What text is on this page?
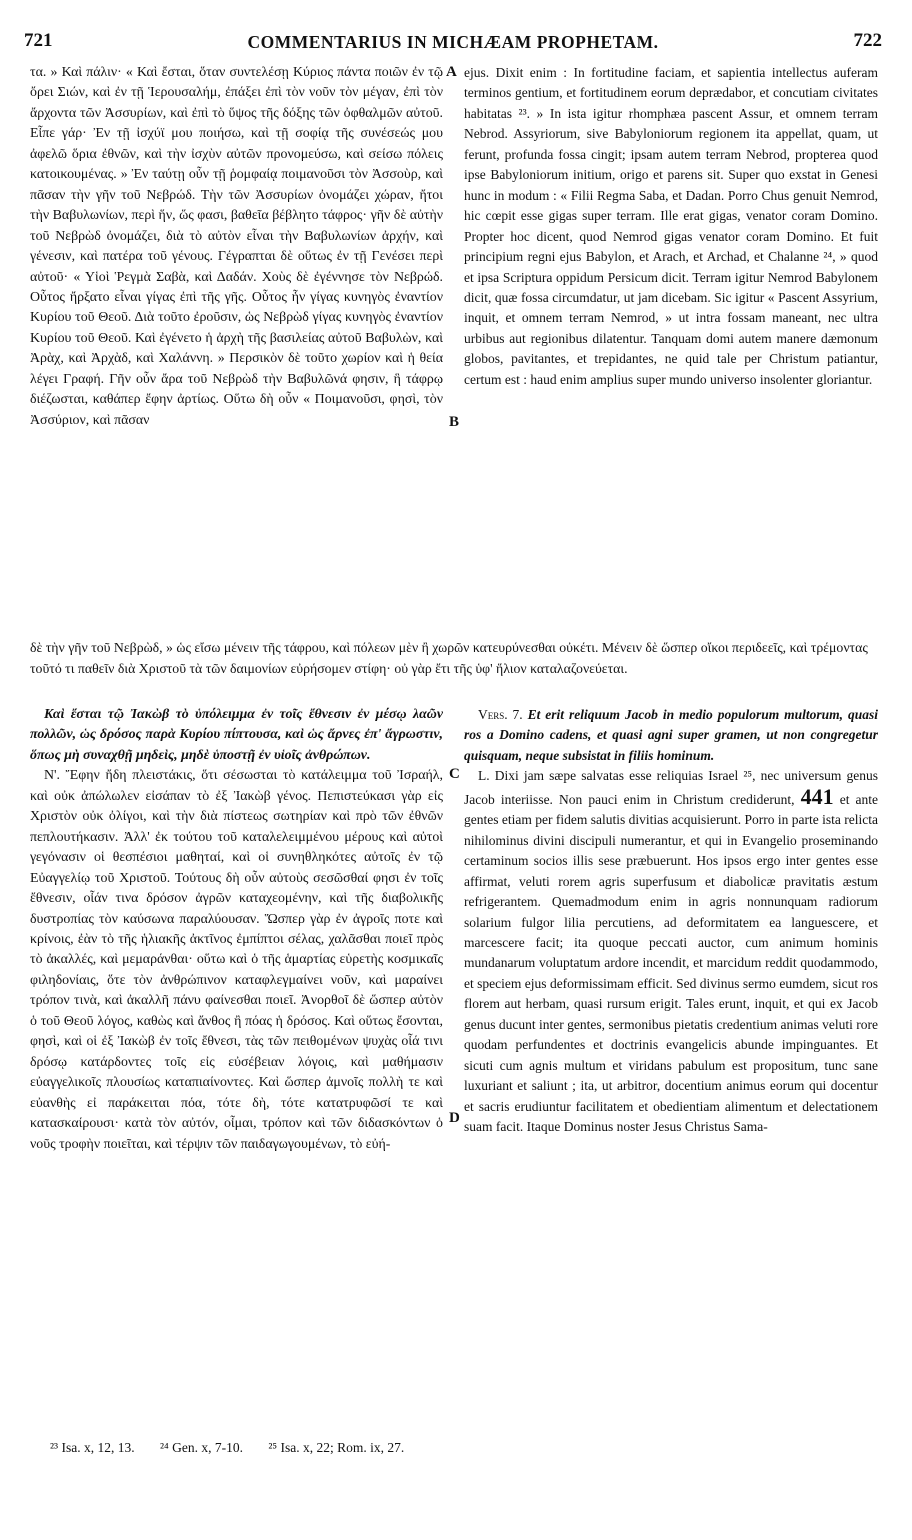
721	COMMENTARIUS IN MICHÆAM PROPHETAM.	722
A
B
C
D

τα. » Καὶ πάλιν· « Καὶ ἔσται, ὅταν συντελέσῃ Κύριος πάντα ποιῶν ἐν τῷ ὄρει Σιών, καὶ ἐν τῇ Ἱερουσαλήμ, ἐπάξει ἐπὶ τὸν νοῦν τὸν μέγαν, ἐπὶ τὸν ἄρχοντα τῶν Ἀσσυρίων, καὶ ἐπὶ τὸ ὕψος τῆς δόξης τῶν ὀφθαλμῶν αὐτοῦ. Εἶπε γάρ· Ἐν τῇ ἰσχύϊ μου ποιήσω, καὶ τῇ σοφίᾳ τῆς συνέσεώς μου ἀφελῶ ὅρια ἐθνῶν, καὶ τὴν ἰσχὺν αὐτῶν προνομεύσω, καὶ σείσω πόλεις κατοικουμένας. » Ἐν ταύτῃ οὖν τῇ ῥομφαίᾳ ποιμανοῦσι τὸν Ἀσσοὺρ, καὶ πᾶσαν τὴν γῆν τοῦ Νεβρώδ. Τὴν τῶν Ἀσσυρίων ὀνομάζει χώραν, ἤτοι τὴν Βαβυλωνίων, περὶ ἥν, ὥς φασι, βαθεῖα βέβλητο τάφρος· γῆν δὲ αὐτὴν τοῦ Νεβρὼδ ὀνομάζει, διὰ τὸ αὐτὸν εἶναι τὴν Βαβυλωνίων ἀρχήν, καὶ γένεσιν, καὶ πατέρα τοῦ γένους. Γέγραπται δὲ οὕτως ἐν τῇ Γενέσει περὶ αὐτοῦ· « Υἱοὶ Ῥεγμὰ Σαβὰ, καὶ Δαδάν. Χοὺς δὲ ἐγέννησε τὸν Νεβρώδ. Οὗτος ἤρξατο εἶναι γίγας ἐπὶ τῆς γῆς. Οὗτος ἦν γίγας κυνηγὸς ἐναντίον Κυρίου τοῦ Θεοῦ. Διὰ τοῦτο ἐροῦσιν, ὡς Νεβρὼδ γίγας κυνηγὸς ἐναντίον Κυρίου τοῦ Θεοῦ. Καὶ ἐγένετο ἡ ἀρχὴ τῆς βασιλείας αὐτοῦ Βαβυλὼν, καὶ Ἀρὰχ, καὶ Ἀρχὰδ, καὶ Χαλάννη. » Περσικὸν δὲ τοῦτο χωρίον καὶ ἡ θεία λέγει Γραφή. Γῆν οὖν ἄρα τοῦ Νεβρὼδ τὴν Βαβυλῶνά φησιν, ἣ τάφρῳ διέζωσται, καθάπερ ἔφην ἀρτίως. Οὕτω δὴ οὖν « Ποιμανοῦσι, φησὶ, τὸν Ἀσσύριον, καὶ πᾶσαν

ejus. Dixit enim : In fortitudine faciam, et sapientia intellectus auferam terminos gentium, et fortitudinem eorum deprædabor, et concutiam civitates habitatas ²³. » In ista igitur rhomphæa pascent Assur, et omnem terram Nebrod. Assyriorum, sive Babyloniorum regionem ita appellat, quam, ut ferunt, profunda fossa cingit; ipsam autem terram Nebrod, propterea quod ipse Babyloniorum initium, origo et parens sit. Super quo exstat in Genesi hunc in modum : « Filii Regma Saba, et Dadan. Porro Chus genuit Nemrod, hic cœpit esse gigas super terram. Ille erat gigas, venator coram Domino. Propter hoc dicent, quod Nemrod gigas venator coram Domino. Et fuit principium regni ejus Babylon, et Arach, et Archad, et Chalanne ²⁴, » quod et ipsa Scriptura oppidum Persicum dicit. Terram igitur Nemrod Babylonem dicit, quæ fossa circumdatur, ut jam dicebam. Sic igitur « Pascent Assyrium, inquit, et omnem terram Nemrod, » ut intra fossam maneant, nec ultra urbibus aut regionibus dilatentur. Tanquam domi autem manere dæmonum globos, pavitantes, et trepidantes, ne quid tale per Christum patiantur, certum est : haud enim amplius super mundo universo insolenter gloriantur.

δὲ τὴν γῆν τοῦ Νεβρὼδ, » ὡς εἴσω μένειν τῆς τάφρου, καὶ πόλεων μὲν ἢ χωρῶν κατευρύνεσθαι οὐκέτι. Μένειν δὲ ὥσπερ οἴκοι περιδεεῖς, καὶ τρέμοντας τοῦτό τι παθεῖν διὰ Χριστοῦ τὰ τῶν δαιμονίων εὐρήσομεν στίφη· οὐ γὰρ ἔτι τῆς ὑφ' ἥλιον καταλαζονεύεται.

Καὶ ἔσται τῷ Ἰακὼβ τὸ ὑπόλειμμα ἐν τοῖς ἔθνεσιν ἐν μέσῳ λαῶν πολλῶν, ὡς δρόσος παρὰ Κυρίου πίπτουσα, καὶ ὡς ἄρνες ἐπ' ἄγρωστιν, ὅπως μὴ συναχθῇ μηδεὶς, μηδὲ ὑποστῇ ἐν υἱοῖς ἀνθρώπων.

Ν'. Ἔφην ἤδη πλειστάκις, ὅτι σέσωσται τὸ κατάλειμμα τοῦ Ἰσραήλ, καὶ οὐκ ἀπώλωλεν εἰσάπαν τὸ ἐξ Ἰακὼβ γένος. Πεπιστεύκασι γὰρ εἰς Χριστὸν οὐκ ὀλίγοι, καὶ τὴν διὰ πίστεως σωτηρίαν καὶ πρὸ τῶν ἐθνῶν πεπλουτήκασιν. Ἀλλ' ἐκ τούτου τοῦ καταλελειμμένου μέρους καὶ αὐτοὶ γεγόνασιν οἱ θεσπέσιοι μαθηταί, καὶ οἱ συνηθληκότες αὐτοῖς ἐν τῷ Εὐαγγελίῳ τοῦ Χριστοῦ. Τούτους δὴ οὖν αὐτοὺς σεσῶσθαί φησι ἐν τοῖς ἔθνεσιν, οἷάν τινα δρόσον ἀγρῶν καταχεομένην, καὶ τῆς διαβολικῆς δυστροπίας τὸν καύσωνα παραλύουσαν. Ὥσπερ γὰρ ἐν ἀγροῖς ποτε καὶ κρίνοις, ἐὰν τὸ τῆς ἡλιακῆς ἀκτῖνος ἐμπίπτοι σέλας, χαλᾶσθαι ποιεῖ πρὸς τὸ ἀκαλλές, καὶ μεμαράνθαι· οὕτω καὶ ὁ τῆς ἁμαρτίας εὑρετὴς κοσμικαῖς φιληδονίαις, ὅτε τὸν ἀνθρώπινον καταφλεγμαίνει νοῦν, καὶ μαραίνει τρόπον τινὰ, καὶ ἀκαλλῆ πάνυ φαίνεσθαι ποιεῖ. Ἀνορθοῖ δὲ ὥσπερ αὐτὸν ὁ τοῦ Θεοῦ λόγος, καθὼς καὶ ἄνθος ἢ πόας ἡ δρόσος. Καὶ οὕτως ἔσονται, φησὶ, καὶ οἱ ἐξ Ἰακὼβ ἐν τοῖς ἔθνεσι, τὰς τῶν πειθομένων ψυχὰς οἷά τινι δρόσῳ κατάρδοντες τοῖς εἰς εὐσέβειαν λόγοις, καὶ μαθήμασιν εὐαγγελικοῖς πλουσίως καταπιαίνοντες. Καὶ ὥσπερ ἀμνοῖς πολλὴ τε καὶ εὐανθὴς εἰ παράκειται πόα, τότε δὴ, τότε κατατρυφῶσί τε καὶ κατασκαίρουσι· κατὰ τὸν αὐτόν, οἶμαι, τρόπον καὶ τῶν διδασκόντων ὁ νοῦς τροφὴν ποιεῖται, καὶ τέρψιν τῶν παιδαγωγουμένων, τὸ εὐή-

Vers. 7. Et erit reliquum Jacob in medio populorum multorum, quasi ros a Domino cadens, et quasi agni super gramen, ut non congregetur quisquam, neque subsistat in filiis hominum.

L. Dixi jam sæpe salvatas esse reliquias Israel ²⁵, nec universum genus Jacob interiisse. Non pauci enim in Christum crediderunt, 441 et ante gentes etiam per fidem salutis divitias acquisierunt. Porro in parte ista relicta nihilominus divini discipuli numerantur, et qui in Evangelio proseminando certaminum socios illis sese præbuerunt. Hos ipsos ergo inter gentes esse affirmat, veluti rorem agris superfusum et diabolicæ pravitatis æstum refrigerantem. Quemadmodum enim in agris nonnunquam radiorum solarium fulgor lilia percutiens, ad deformitatem ea languescere, et marcescere facit; ita quoque peccati auctor, cum animum hominis mundanarum voluptatum ardore incendit, et marcidum reddit quodammodo, et speciem ejus deformissimam efficit. Sed divinus sermo eumdem, sicut ros florem aut herbam, quasi rursum erigit. Tales erunt, inquit, et qui ex Jacob genus ducunt inter gentes, sermonibus pietatis credentium animas veluti rore quodam perfundentes et doctrinis evangelicis abunde impinguantes. Et sicuti cum agnis multum et viridans pabulum est propositum, tunc sane luxuriant et saliunt ; ita, ut arbitror, docentium animus eorum qui docentur et sacris erudiuntur facilitatem et obedientiam alimentum et delectationem suam facit. Itaque Dominus noster Jesus Christus Sama-

²³ Isa. x, 12, 13. ²⁴ Gen. x, 7-10. ²⁵ Isa. x, 22; Rom. ix, 27.
